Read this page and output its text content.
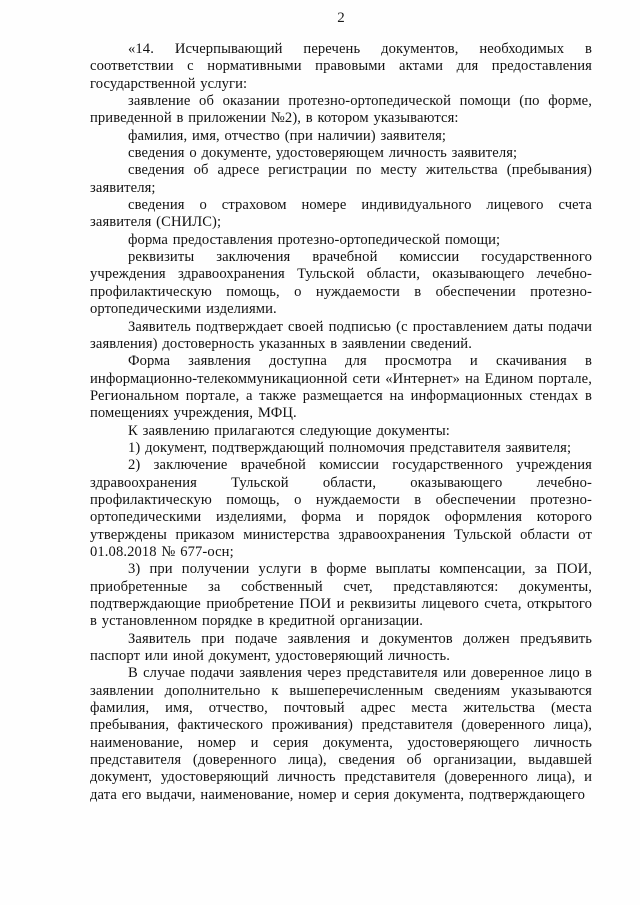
2

«14. Исчерпывающий перечень документов, необходимых в соответствии с нормативными правовыми актами для предоставления государственной услуги:

заявление об оказании протезно-ортопедической помощи (по форме, приведенной в приложении №2), в котором указываются:

фамилия, имя, отчество (при наличии) заявителя;

сведения о документе, удостоверяющем личность заявителя;

сведения об адресе регистрации по месту жительства (пребывания) заявителя;

сведения о страховом номере индивидуального лицевого счета заявителя (СНИЛС);

форма предоставления протезно-ортопедической помощи;

реквизиты заключения врачебной комиссии государственного учреждения здравоохранения Тульской области, оказывающего лечебно-профилактическую помощь, о нуждаемости в обеспечении протезно-ортопедическими изделиями.

Заявитель подтверждает своей подписью (с проставлением даты подачи заявления) достоверность указанных в заявлении сведений.

Форма заявления доступна для просмотра и скачивания в информационно-телекоммуникационной сети «Интернет» на Едином портале, Региональном портале, а также размещается на информационных стендах в помещениях учреждения, МФЦ.

К заявлению прилагаются следующие документы:

1) документ, подтверждающий полномочия представителя заявителя;

2) заключение врачебной комиссии государственного учреждения здравоохранения Тульской области, оказывающего лечебно-профилактическую помощь, о нуждаемости в обеспечении протезно-ортопедическими изделиями, форма и порядок оформления которого утверждены приказом министерства здравоохранения Тульской области от 01.08.2018 № 677-осн;

3) при получении услуги в форме выплаты компенсации, за ПОИ, приобретенные за собственный счет, представляются: документы, подтверждающие приобретение ПОИ и реквизиты лицевого счета, открытого в установленном порядке в кредитной организации.

Заявитель при подаче заявления и документов должен предъявить паспорт или иной документ, удостоверяющий личность.

В случае подачи заявления через представителя или доверенное лицо в заявлении дополнительно к вышеперечисленным сведениям указываются фамилия, имя, отчество, почтовый адрес места жительства (места пребывания, фактического проживания) представителя (доверенного лица), наименование, номер и серия документа, удостоверяющего личность представителя (доверенного лица), сведения об организации, выдавшей документ, удостоверяющий личность представителя (доверенного лица), и дата его выдачи, наименование, номер и серия документа, подтверждающего
